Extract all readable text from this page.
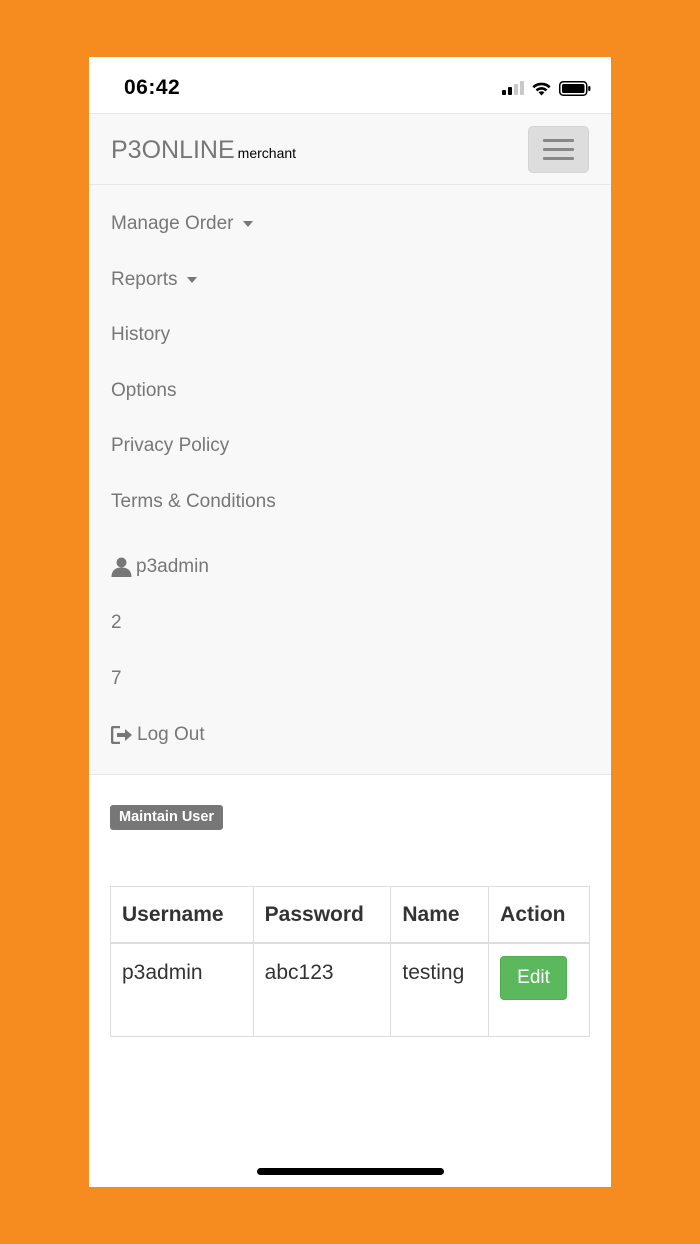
06:42
P3ONLINE merchant
Manage Order
Reports
History
Options
Privacy Policy
Terms & Conditions
p3admin
2
7
Log Out
Maintain User
Username	Password	Name	Action
p3admin	abc123	testing	Edit
